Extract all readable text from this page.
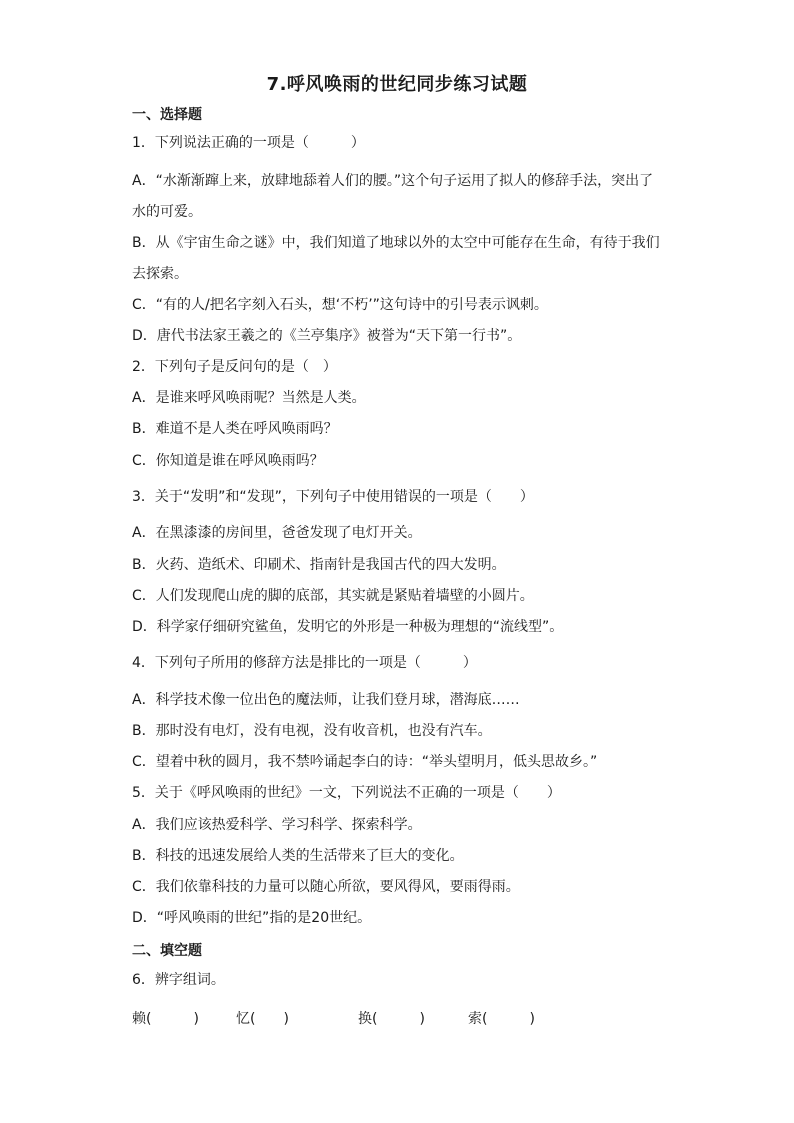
7.呼风唤雨的世纪同步练习试题
一、选择题
1．下列说法正确的一项是（　　　）
A．“水渐渐蹿上来，放肆地舔着人们的腰。”这个句子运用了拟人的修辞手法，突出了
水的可爱。
B．从《宇宙生命之谜》中，我们知道了地球以外的太空中可能存在生命，有待于我们
去探索。
C．“有的人/把名字刻入石头，想‘不朽’”这句诗中的引号表示讽刺。
D．唐代书法家王羲之的《兰亭集序》被誉为“天下第一行书”。
2．下列句子是反问句的是（　）
A．是谁来呼风唤雨呢？当然是人类。
B．难道不是人类在呼风唤雨吗？
C．你知道是谁在呼风唤雨吗？
3．关于“发明”和“发现”，下列句子中使用错误的一项是（　　）
A．在黑漆漆的房间里，爸爸发现了电灯开关。
B．火药、造纸术、印刷术、指南针是我国古代的四大发明。
C．人们发现爬山虎的脚的底部，其实就是紧贴着墙壁的小圆片。
D．科学家仔细研究鲨鱼，发明它的外形是一种极为理想的“流线型”。
4．下列句子所用的修辞方法是排比的一项是（　　　）
A．科学技术像一位出色的魔法师，让我们登月球，潜海底……
B．那时没有电灯，没有电视，没有收音机，也没有汽车。
C．望着中秋的圆月，我不禁吟诵起李白的诗：“举头望明月，低头思故乡。”
5．关于《呼风唤雨的世纪》一文，下列说法不正确的一项是（　　）
A．我们应该热爱科学、学习科学、探索科学。
B．科技的迅速发展给人类的生活带来了巨大的变化。
C．我们依靠科技的力量可以随心所欲，要风得风，要雨得雨。
D．“呼风唤雨的世纪”指的是20世纪。
二、填空题
6．辨字组词。
赖(　　　)	忆(　　)	换(　　　)	索(　　　)
